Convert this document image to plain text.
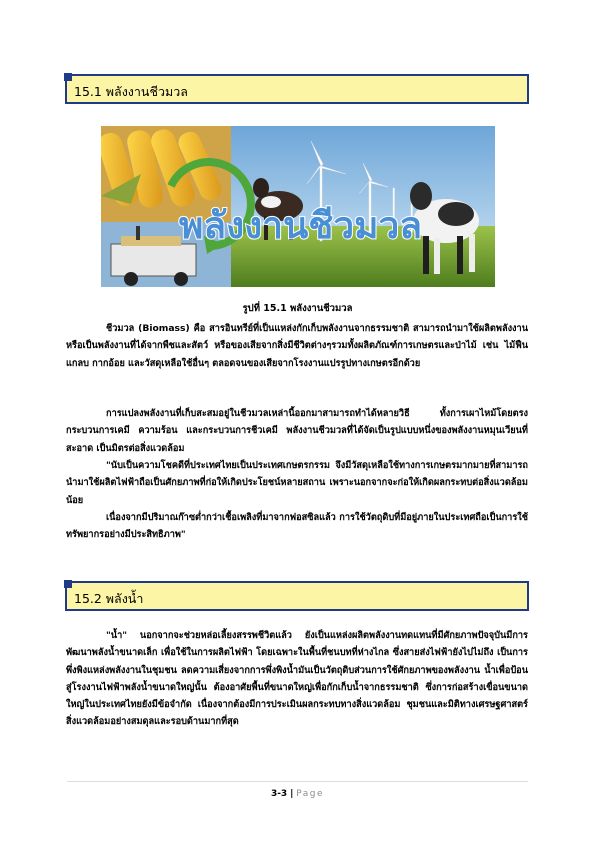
15.1 พลังงานชีวมวล
พลังงานชีวมวล
รูปที่ 15.1 พลังงานชีวมวล

ชีวมวล (Biomass) คือ สารอินทรีย์ที่เป็นแหล่งกักเก็บพลังงานจากธรรมชาติ สามารถนำมาใช้ผลิตพลังงาน หรือเป็นพลังงานที่ได้จากพืชและสัตว์ หรือของเสียจากสิ่งมีชีวิตต่างๆรวมทั้งผลิตภัณฑ์การเกษตรและป่าไม้ เช่น ไม้ฟืน แกลบ กากอ้อย และวัสดุเหลือใช้อื่นๆ ตลอดจนของเสียจากโรงงานแปรรูปทางเกษตรอีกด้วย

การแปลงพลังงานที่เก็บสะสมอยู่ในชีวมวลเหล่านี้ออกมาสามารถทำได้หลายวิธี ทั้งการเผาไหม้โดยตรง กระบวนการเคมี ความร้อน และกระบวนการชีวเคมี พลังงานชีวมวลที่ได้จัดเป็นรูปแบบหนึ่งของพลังงานหมุนเวียนที่สะอาด เป็นมิตรต่อสิ่งแวดล้อม

"นับเป็นความโชคดีที่ประเทศไทยเป็นประเทศเกษตรกรรม จึงมีวัสดุเหลือใช้ทางการเกษตรมากมายที่สามารถนำมาใช้ผลิตไฟฟ้าถือเป็นศักยภาพที่ก่อให้เกิดประโยชน์หลายสถาน เพราะนอกจากจะก่อให้เกิดผลกระทบต่อสิ่งแวดล้อมน้อย

เนื่องจากมีปริมาณก๊าซต่ำกว่าเชื้อเพลิงที่มาจากฟอสซิลแล้ว การใช้วัตถุดิบที่มีอยู่ภายในประเทศถือเป็นการใช้ทรัพยากรอย่างมีประสิทธิภาพ"

15.2 พลังน้ำ

"น้ำ" นอกจากจะช่วยหล่อเลี้ยงสรรพชีวิตแล้ว ยังเป็นแหล่งผลิตพลังงานทดแทนที่มีศักยภาพปัจจุบันมีการพัฒนาพลังน้ำขนาดเล็ก เพื่อใช้ในการผลิตไฟฟ้า โดยเฉพาะในพื้นที่ชนบทที่ห่างไกล ซึ่งสายส่งไฟฟ้ายังไปไม่ถึง เป็นการพึ่งพิงแหล่งพลังงานในชุมชน ลดความเสี่ยงจากการพึ่งพิงน้ำมันเป็นวัตถุดิบส่วนการใช้ศักยภาพของพลังงาน น้ำเพื่อป้อนสู่โรงงานไฟฟ้าพลังน้ำขนาดใหญ่นั้น ต้องอาศัยพื้นที่ขนาดใหญ่เพื่อกักเก็บน้ำจากธรรมชาติ ซึ่งการก่อสร้างเขื่อนขนาดใหญ่ในประเทศไทยยังมีข้อจำกัด เนื่องจากต้องมีการประเมินผลกระทบทางสิ่งแวดล้อม ชุมชนและมิติทางเศรษฐศาสตร์สิ่งแวดล้อมอย่างสมดุลและรอบด้านมากที่สุด

3-3 | Page
